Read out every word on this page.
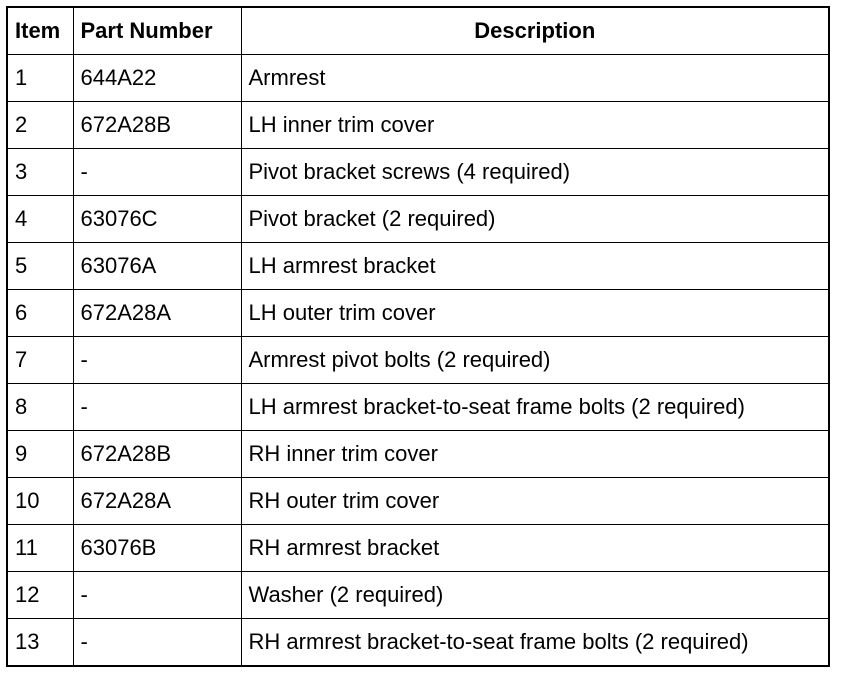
Item	Part Number	Description
1	644A22	Armrest
2	672A28B	LH inner trim cover
3	-	Pivot bracket screws (4 required)
4	63076C	Pivot bracket (2 required)
5	63076A	LH armrest bracket
6	672A28A	LH outer trim cover
7	-	Armrest pivot bolts (2 required)
8	-	LH armrest bracket-to-seat frame bolts (2 required)
9	672A28B	RH inner trim cover
10	672A28A	RH outer trim cover
11	63076B	RH armrest bracket
12	-	Washer (2 required)
13	-	RH armrest bracket-to-seat frame bolts (2 required)
